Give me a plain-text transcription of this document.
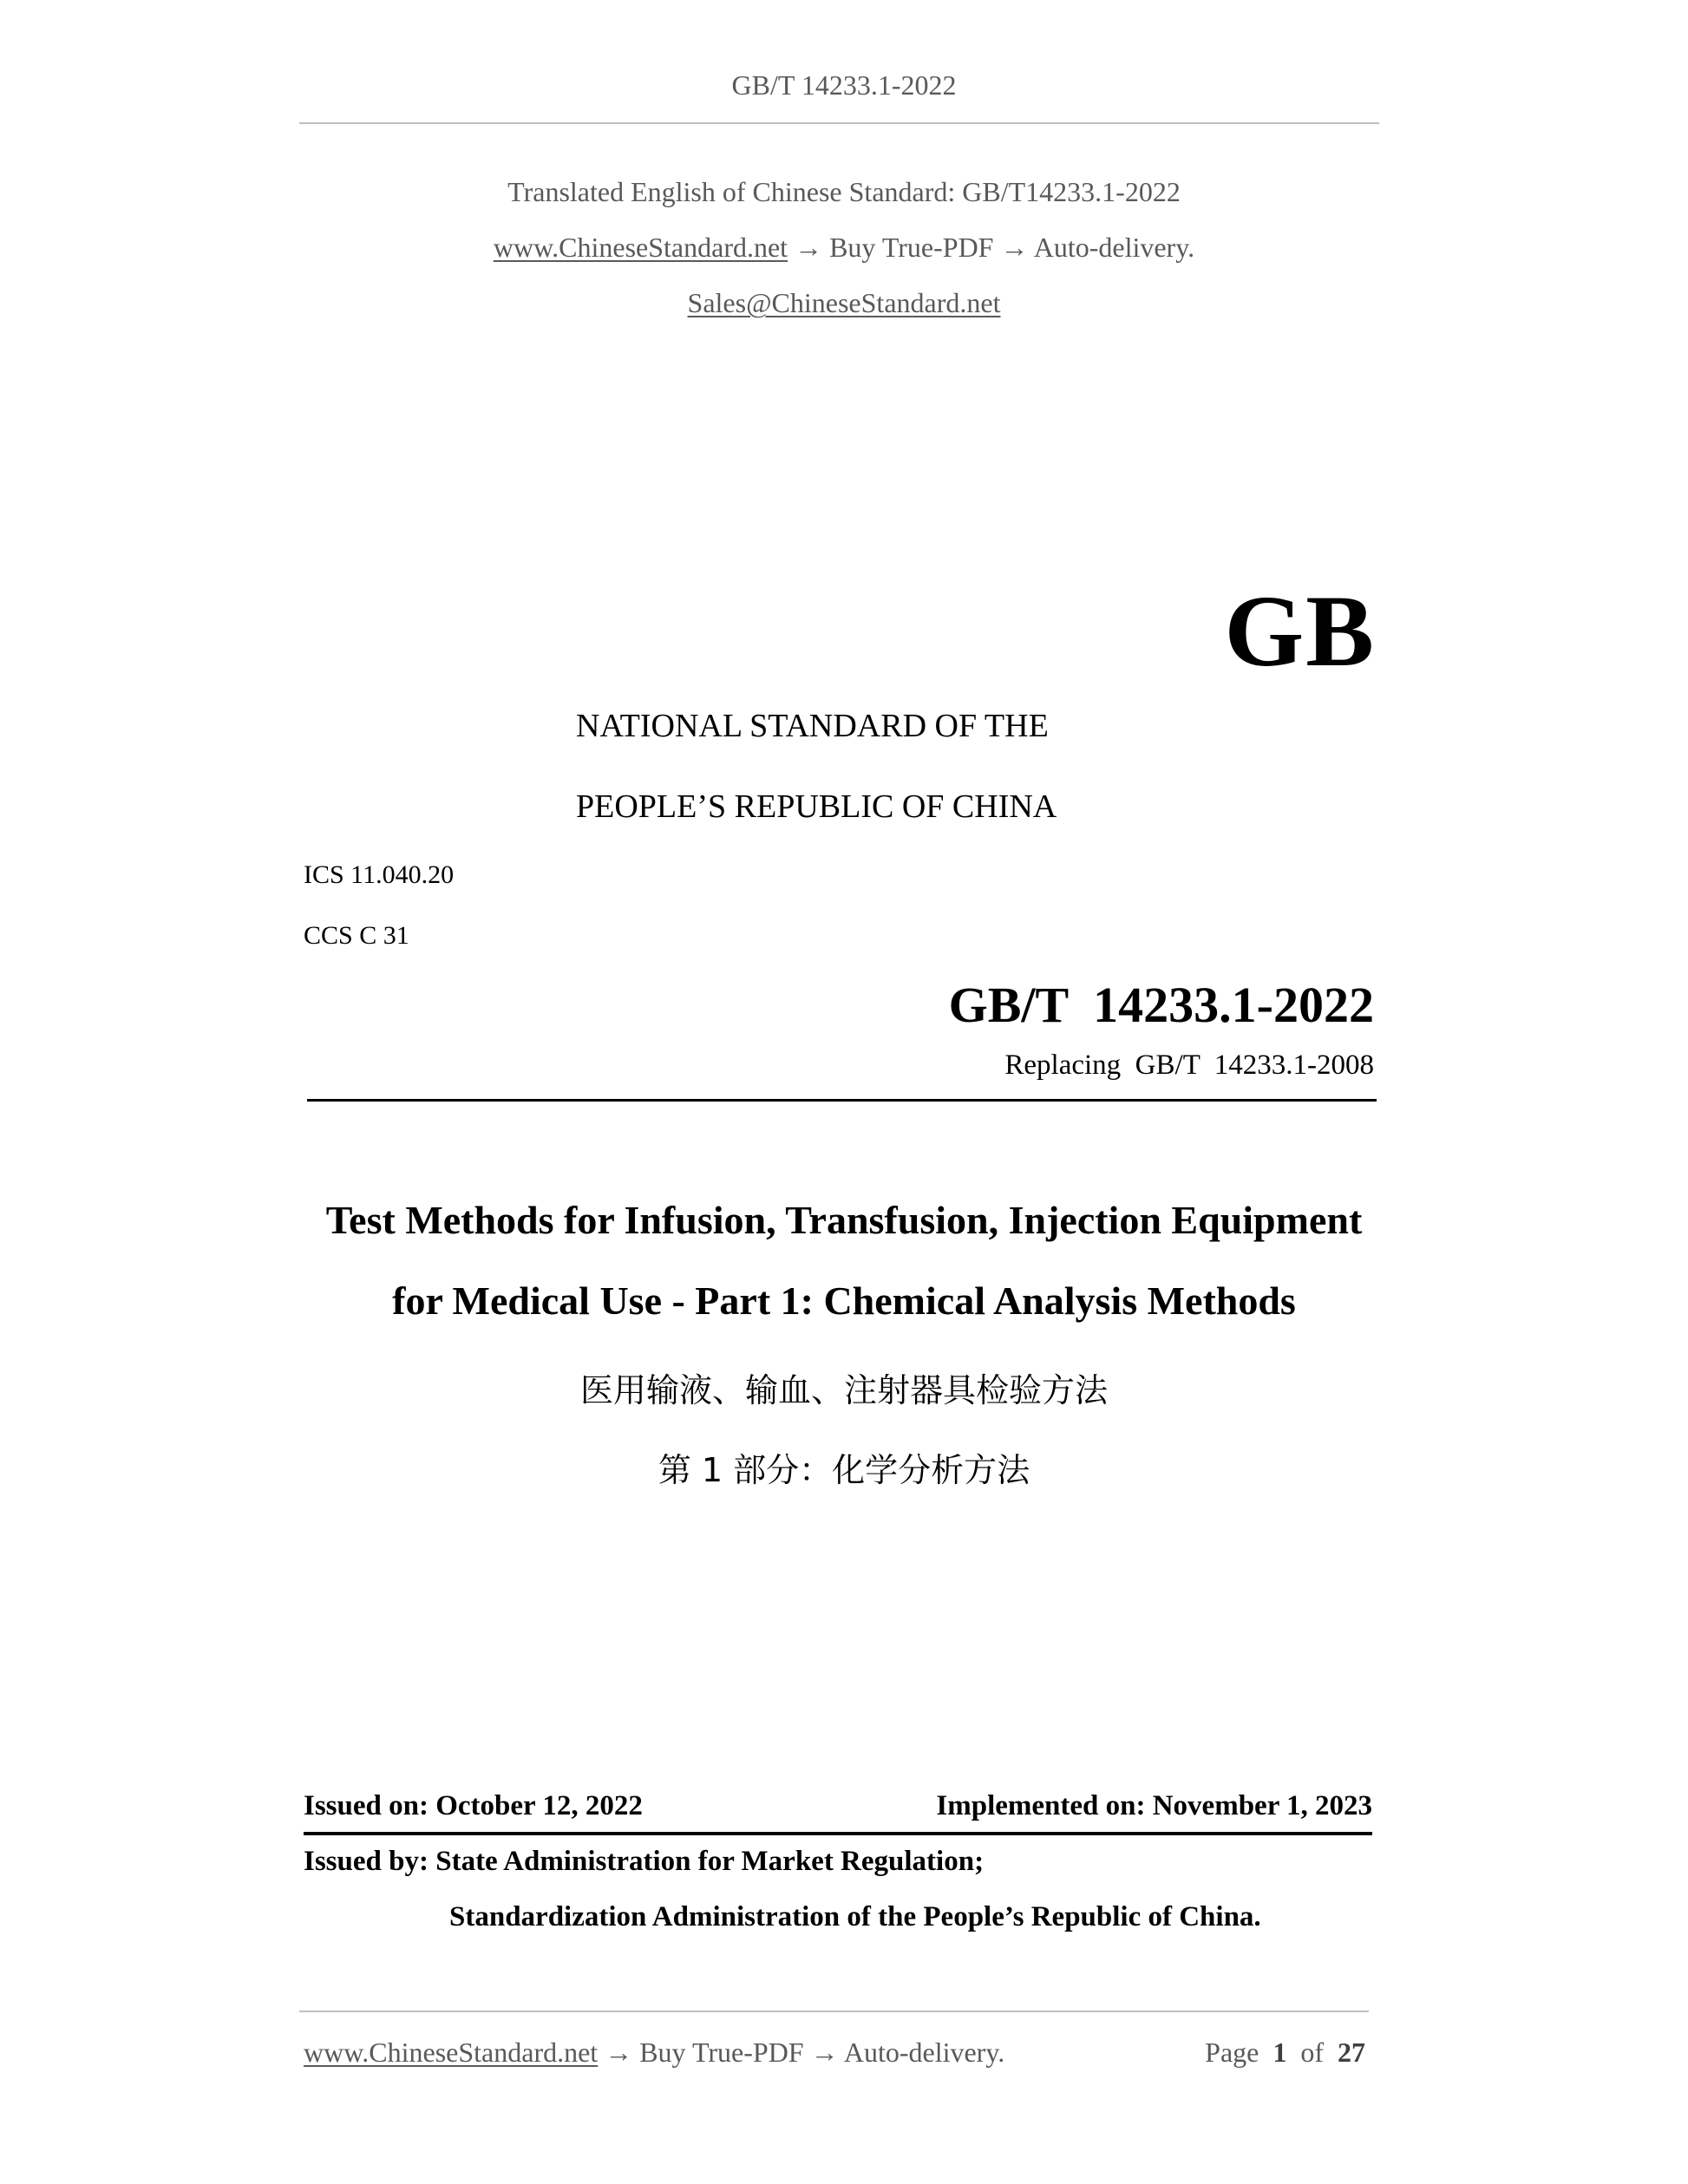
GB/T 14233.1-2022
Translated English of Chinese Standard: GB/T14233.1-2022
www.ChineseStandard.net → Buy True-PDF → Auto-delivery.
Sales@ChineseStandard.net
GB
NATIONAL STANDARD OF THE
PEOPLE’S REPUBLIC OF CHINA
ICS 11.040.20
CCS C 31
GB/T  14233.1-2022
Replacing  GB/T  14233.1-2008
Test Methods for Infusion, Transfusion, Injection Equipment
for Medical Use - Part 1: Chemical Analysis Methods
医用输液、输血、注射器具检验方法
第 1 部分：化学分析方法
Issued on: October 12, 2022	Implemented on: November 1, 2023
Issued by: State Administration for Market Regulation;
Standardization Administration of the People’s Republic of China.
www.ChineseStandard.net → Buy True-PDF → Auto-delivery.	Page 1 of 27
